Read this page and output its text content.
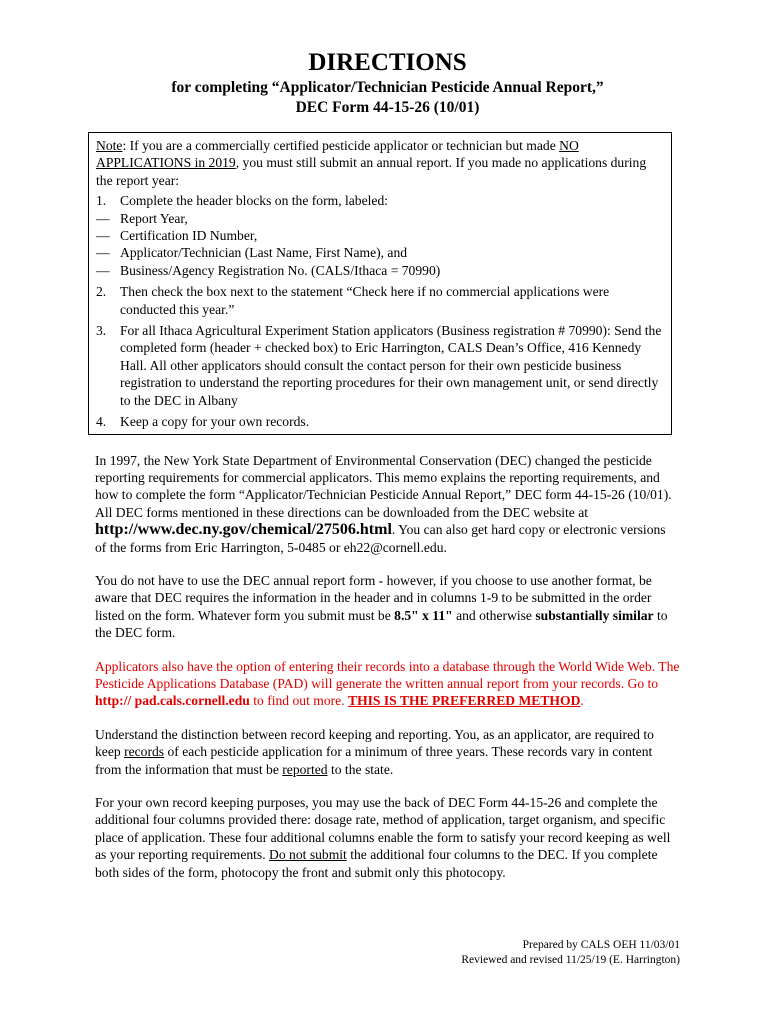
DIRECTIONS
for completing “Applicator/Technician Pesticide Annual Report,”
DEC Form 44-15-26 (10/01)

Note: If you are a commercially certified pesticide applicator or technician but made NO APPLICATIONS in 2019, you must still submit an annual report. If you made no applications during the report year:

1.	Complete the header blocks on the form, labeled:
— Report Year,
— Certification ID Number,
— Applicator/Technician (Last Name, First Name), and
— Business/Agency Registration No. (CALS/Ithaca = 70990)
2.	Then check the box next to the statement “Check here if no commercial applications were conducted this year.”
3.	For all Ithaca Agricultural Experiment Station applicators (Business registration # 70990): Send the completed form (header + checked box) to Eric Harrington, CALS Dean’s Office, 416 Kennedy Hall. All other applicators should consult the contact person for their own pesticide business registration to understand the reporting procedures for their own management unit, or send directly to the DEC in Albany
4.	Keep a copy for your own records.

In 1997, the New York State Department of Environmental Conservation (DEC) changed the pesticide reporting requirements for commercial applicators. This memo explains the reporting requirements, and how to complete the form “Applicator/Technician Pesticide Annual Report,” DEC form 44-15-26 (10/01). All DEC forms mentioned in these directions can be downloaded from the DEC website at http://www.dec.ny.gov/chemical/27506.html. You can also get hard copy or electronic versions of the forms from Eric Harrington, 5-0485 or eh22@cornell.edu.

You do not have to use the DEC annual report form - however, if you choose to use another format, be aware that DEC requires the information in the header and in columns 1-9 to be submitted in the order listed on the form. Whatever form you submit must be 8.5" x 11" and otherwise substantially similar to the DEC form.

Applicators also have the option of entering their records into a database through the World Wide Web. The Pesticide Applications Database (PAD) will generate the written annual report from your records. Go to http:// pad.cals.cornell.edu to find out more. THIS IS THE PREFERRED METHOD.

Understand the distinction between record keeping and reporting. You, as an applicator, are required to keep records of each pesticide application for a minimum of three years. These records vary in content from the information that must be reported to the state.

For your own record keeping purposes, you may use the back of DEC Form 44-15-26 and complete the additional four columns provided there: dosage rate, method of application, target organism, and specific place of application. These four additional columns enable the form to satisfy your record keeping as well as your reporting requirements. Do not submit the additional four columns to the DEC. If you complete both sides of the form, photocopy the front and submit only this photocopy.

Prepared by CALS OEH 11/03/01
Reviewed and revised 11/25/19 (E. Harrington)
